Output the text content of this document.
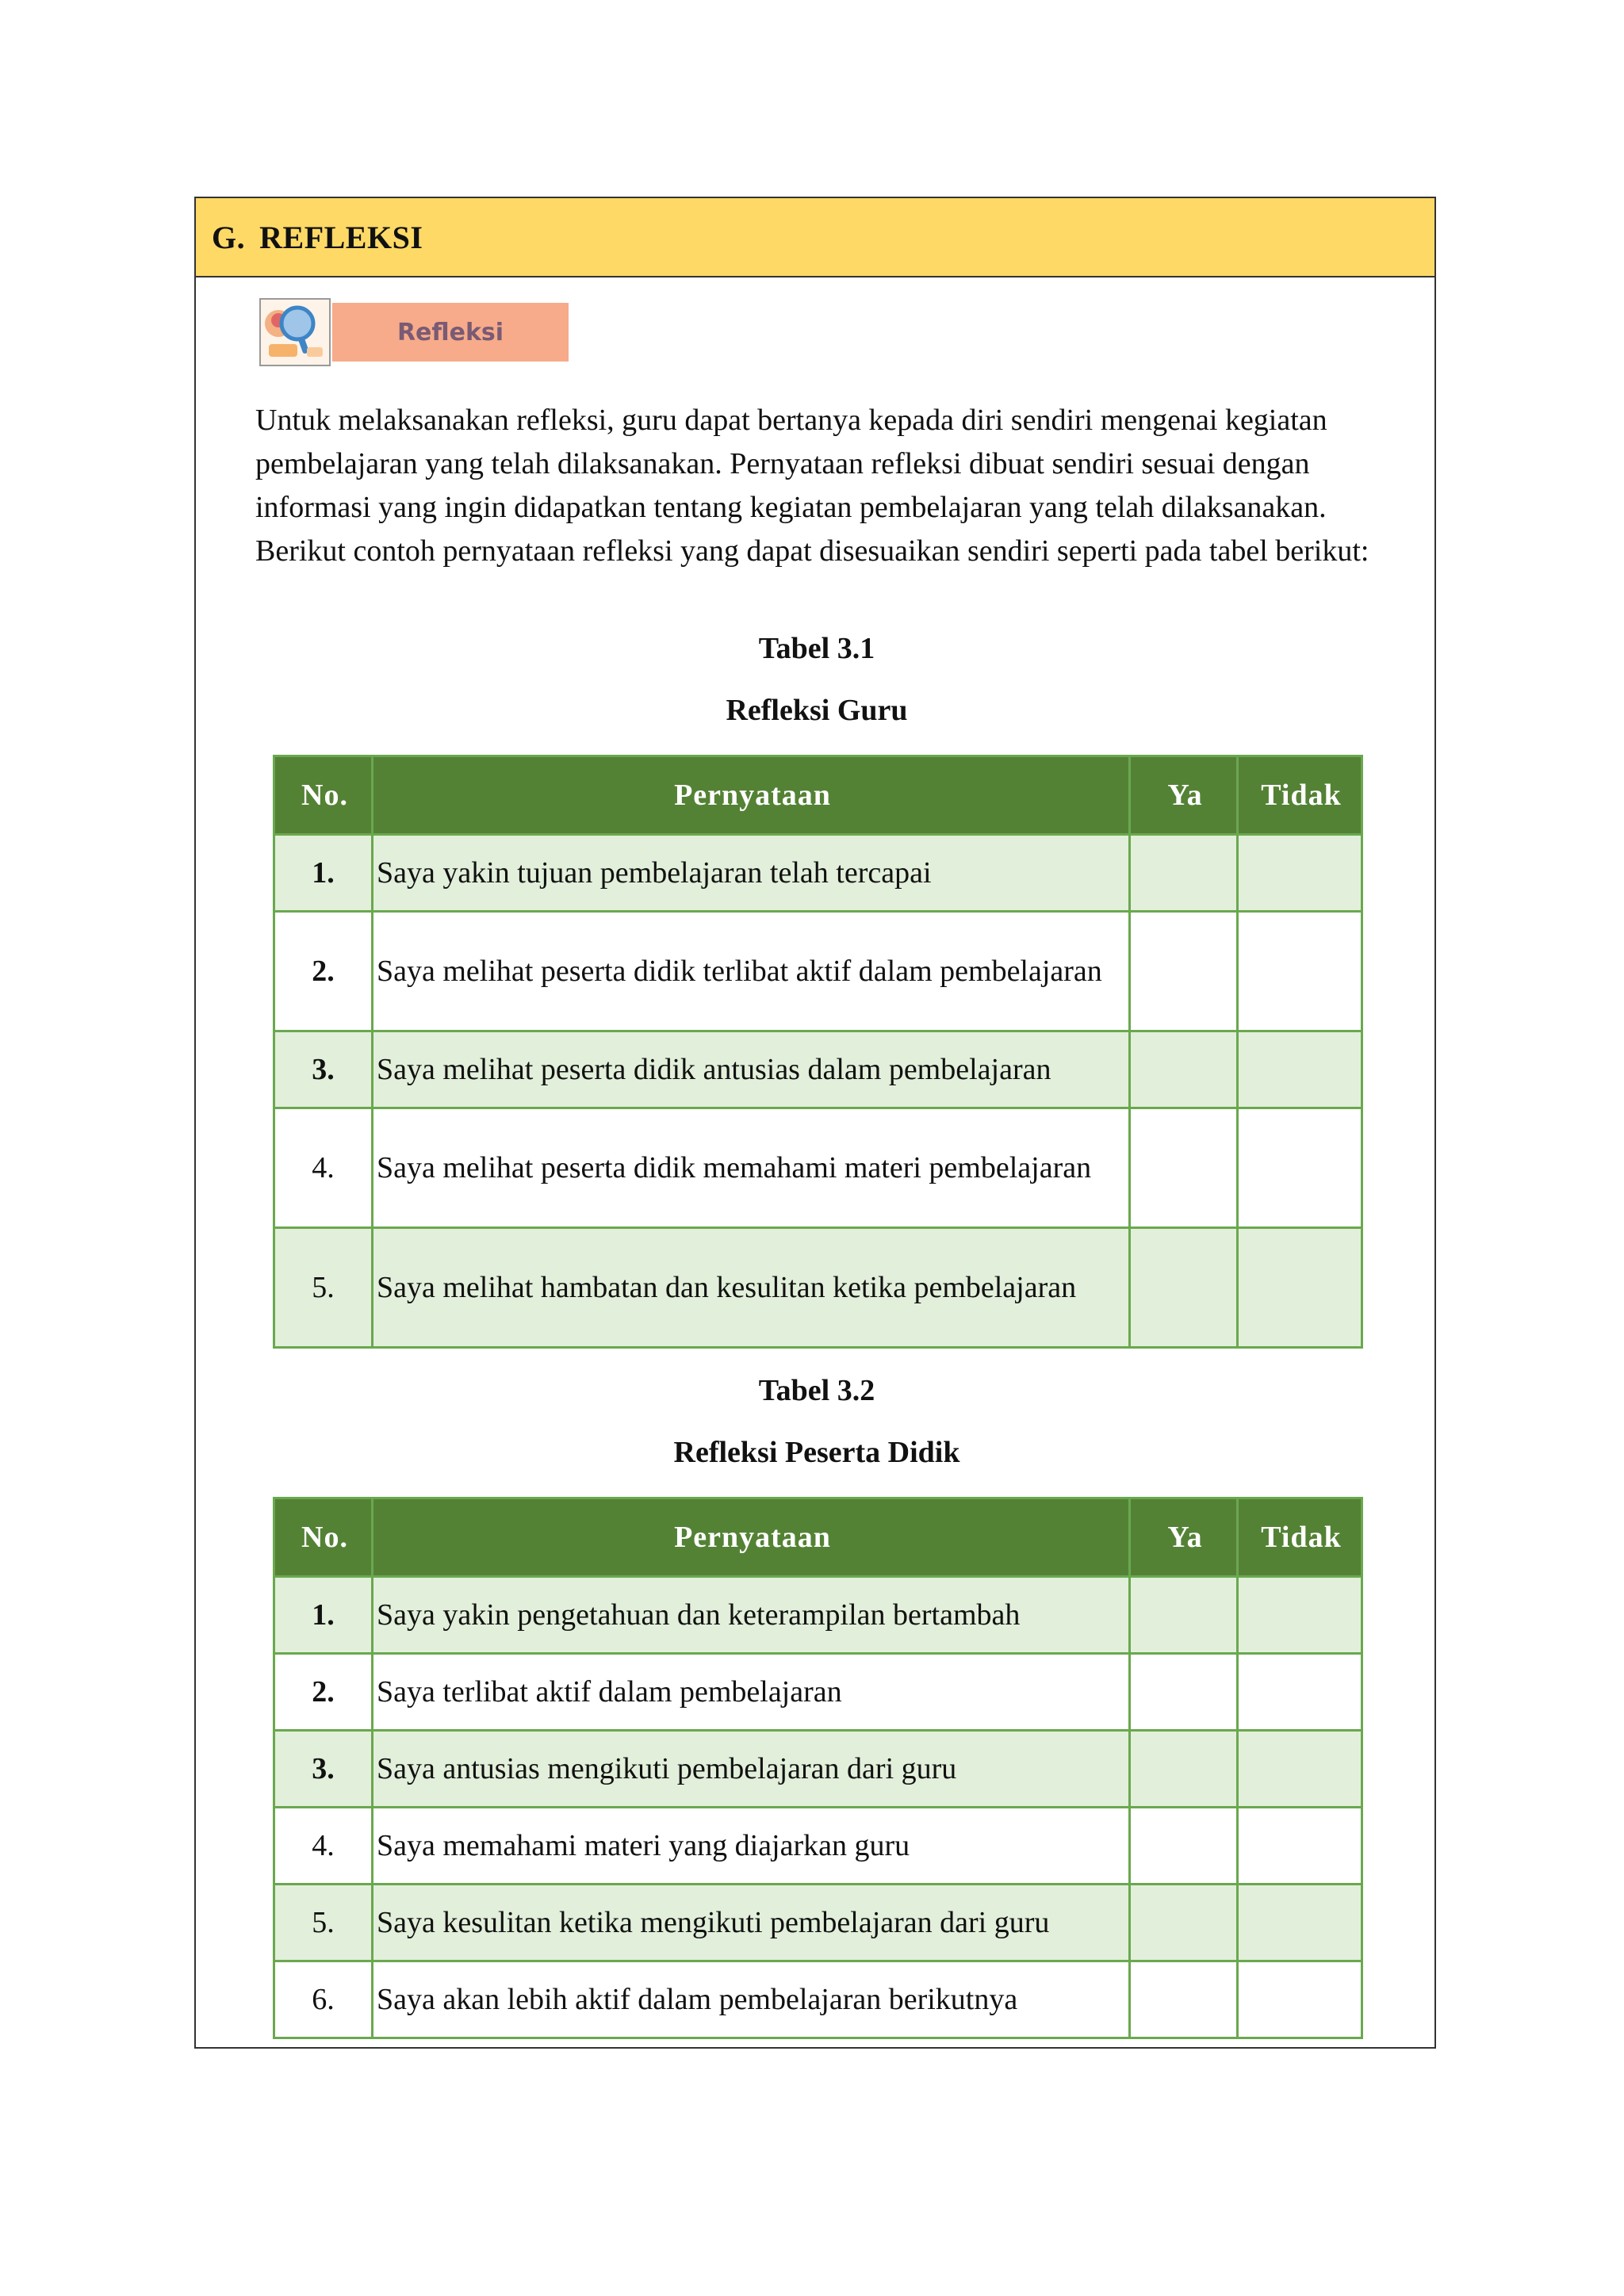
G. REFLEKSI
Refleksi

Untuk melaksanakan refleksi, guru dapat bertanya kepada diri sendiri mengenai kegiatan pembelajaran yang telah dilaksanakan. Pernyataan refleksi dibuat sendiri sesuai dengan informasi yang ingin didapatkan tentang kegiatan pembelajaran yang telah dilaksanakan. Berikut contoh pernyataan refleksi yang dapat disesuaikan sendiri seperti pada tabel berikut:

Tabel 3.1
Refleksi Guru
No.	Pernyataan	Ya	Tidak
1.	Saya yakin tujuan pembelajaran telah tercapai		
2.	Saya melihat peserta didik terlibat aktif dalam pembelajaran		
3.	Saya melihat peserta didik antusias dalam pembelajaran		
4.	Saya melihat peserta didik memahami materi pembelajaran		
5.	Saya melihat hambatan dan kesulitan ketika pembelajaran		
Tabel 3.2
Refleksi Peserta Didik
No.	Pernyataan	Ya	Tidak
1.	Saya yakin pengetahuan dan keterampilan bertambah		
2.	Saya terlibat aktif dalam pembelajaran		
3.	Saya antusias mengikuti pembelajaran dari guru		
4.	Saya memahami materi yang diajarkan guru		
5.	Saya kesulitan ketika mengikuti pembelajaran dari guru		
6.	Saya akan lebih aktif dalam pembelajaran berikutnya		
